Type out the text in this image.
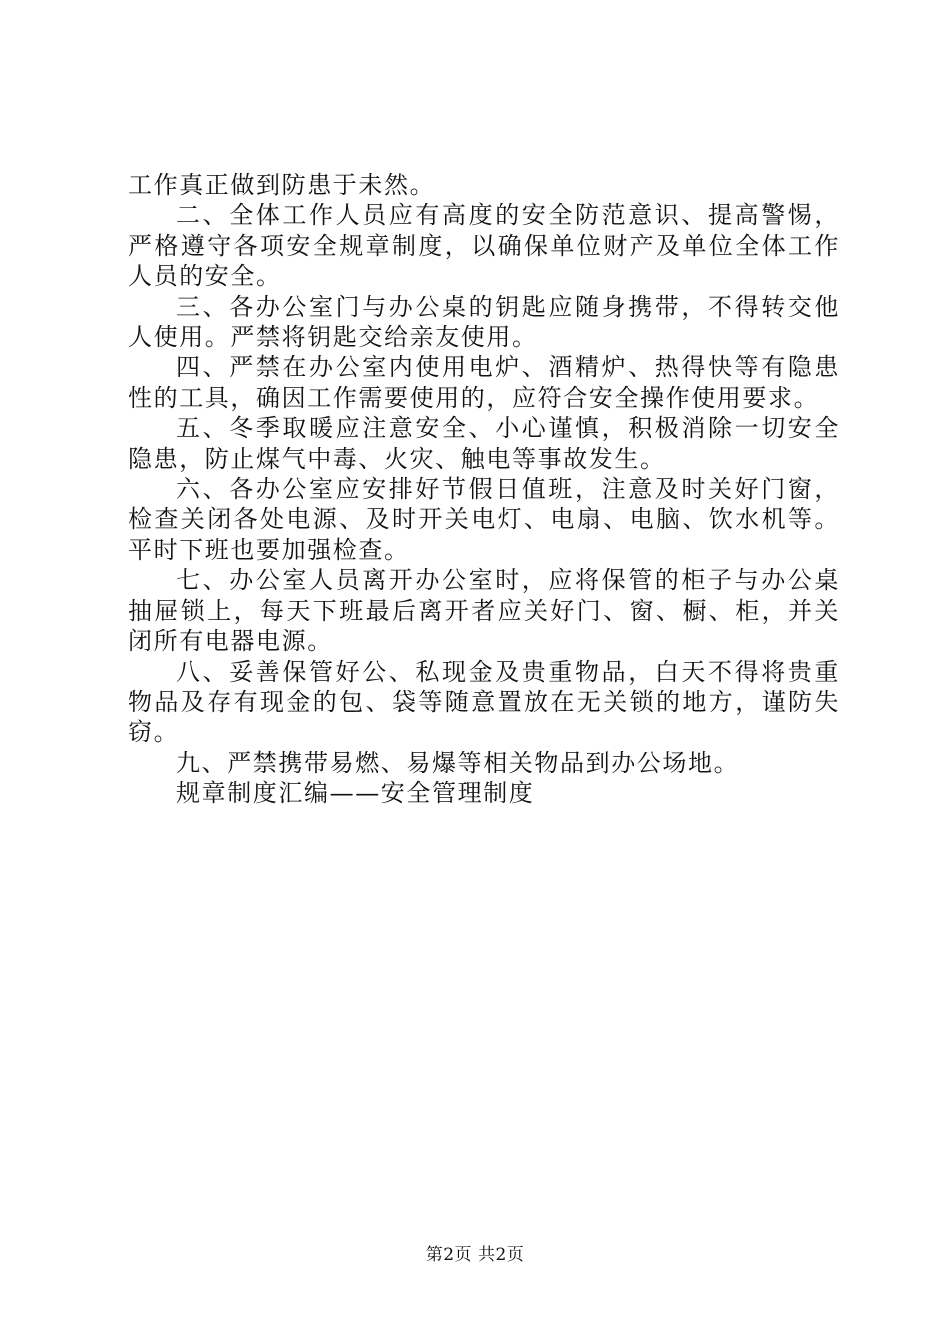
工作真正做到防患于未然。

二、全体工作人员应有高度的安全防范意识、提高警惕，严格遵守各项安全规章制度，以确保单位财产及单位全体工作人员的安全。

三、各办公室门与办公桌的钥匙应随身携带，不得转交他人使用。严禁将钥匙交给亲友使用。

四、严禁在办公室内使用电炉、酒精炉、热得快等有隐患性的工具，确因工作需要使用的，应符合安全操作使用要求。

五、冬季取暖应注意安全、小心谨慎，积极消除一切安全隐患，防止煤气中毒、火灾、触电等事故发生。

六、各办公室应安排好节假日值班，注意及时关好门窗，检查关闭各处电源、及时开关电灯、电扇、电脑、饮水机等。平时下班也要加强检查。

七、办公室人员离开办公室时，应将保管的柜子与办公桌抽屉锁上，每天下班最后离开者应关好门、窗、橱、柜，并关闭所有电器电源。

八、妥善保管好公、私现金及贵重物品，白天不得将贵重物品及存有现金的包、袋等随意置放在无关锁的地方，谨防失窃。

九、严禁携带易燃、易爆等相关物品到办公场地。

规章制度汇编——安全管理制度

第2页 共2页
